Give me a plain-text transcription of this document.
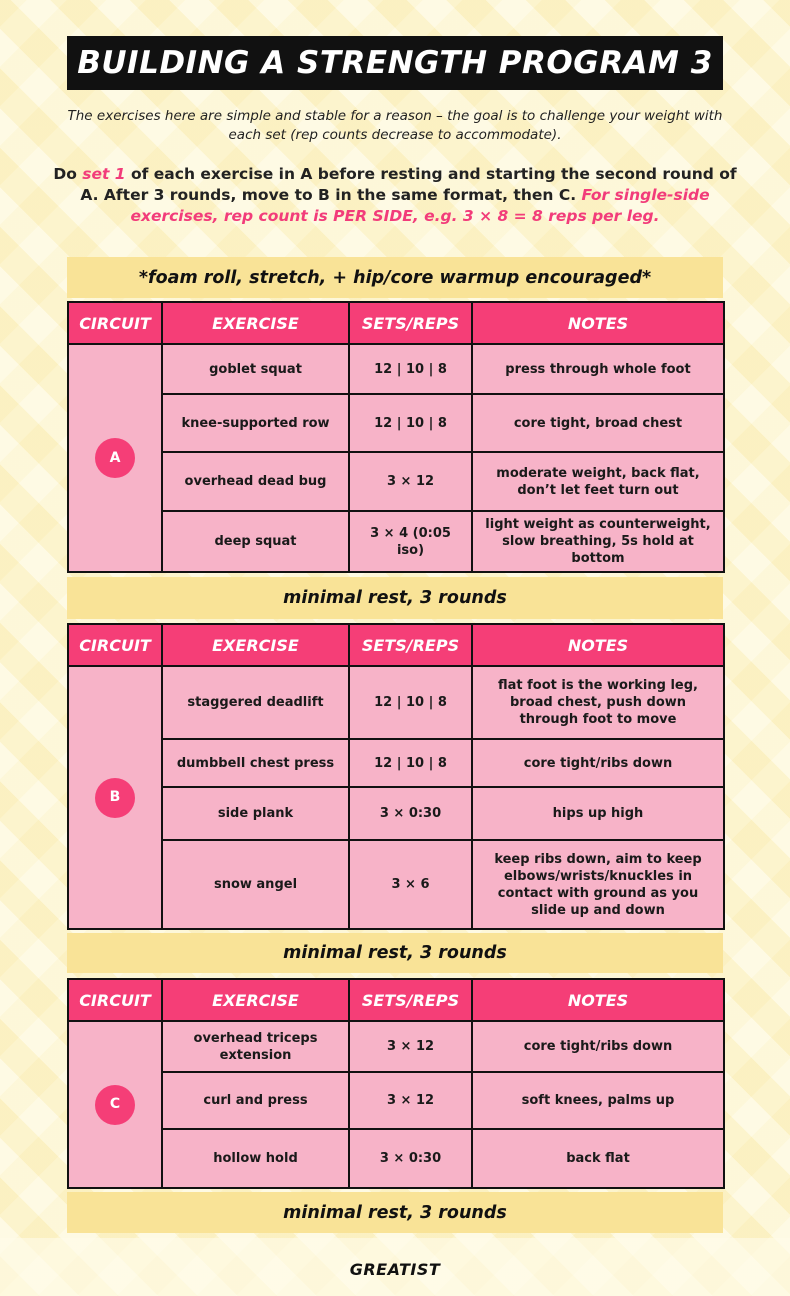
BUILDING A STRENGTH PROGRAM 3
The exercises here are simple and stable for a reason – the goal is to challenge your weight with each set (rep counts decrease to accommodate).
Do set 1 of each exercise in A before resting and starting the second round of A. After 3 rounds, move to B in the same format, then C. For single-side exercises, rep count is PER SIDE, e.g. 3 × 8 = 8 reps per leg.
*foam roll, stretch, + hip/core warmup encouraged*
CIRCUIT	EXERCISE	SETS/REPS	NOTES
A	goblet squat	12 | 10 | 8	press through whole foot
	knee-supported row	12 | 10 | 8	core tight, broad chest
	overhead dead bug	3 × 12	moderate weight, back flat, don’t let feet turn out
	deep squat	3 × 4 (0:05 iso)	light weight as counterweight, slow breathing, 5s hold at bottom
minimal rest, 3 rounds
CIRCUIT	EXERCISE	SETS/REPS	NOTES
B	staggered deadlift	12 | 10 | 8	flat foot is the working leg, broad chest, push down through foot to move
	dumbbell chest press	12 | 10 | 8	core tight/ribs down
	side plank	3 × 0:30	hips up high
	snow angel	3 × 6	keep ribs down, aim to keep elbows/wrists/knuckles in contact with ground as you slide up and down
minimal rest, 3 rounds
CIRCUIT	EXERCISE	SETS/REPS	NOTES
C	overhead triceps extension	3 × 12	core tight/ribs down
	curl and press	3 × 12	soft knees, palms up
	hollow hold	3 × 0:30	back flat
minimal rest, 3 rounds
GREATIST
